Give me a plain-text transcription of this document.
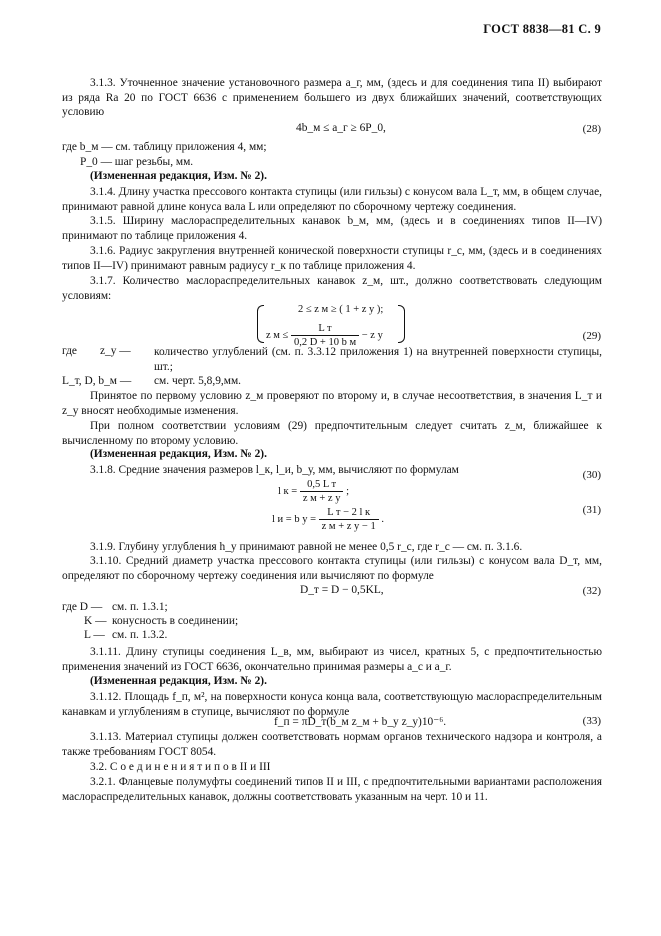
ГОСТ 8838—81 С. 9
3.1.3. Уточненное значение установочного размера a_г, мм, (здесь и для соединения типа II) выбирают из ряда Ra 20 по ГОСТ 6636 с применением большего из двух ближайших значений, соответствующих условию
4b_м ≤ a_г ≥ 6P_0,	(28)
где b_м — см. таблицу приложения 4, мм;
P_0 — шаг резьбы, мм.
(Измененная редакция, Изм. № 2).
3.1.4. Длину участка прессового контакта ступицы (или гильзы) с конусом вала L_т, мм, в общем случае, принимают равной длине конуса вала L или определяют по сборочному чертежу соединения.
3.1.5. Ширину маслораспределительных канавок b_м, мм, (здесь и в соединениях типов II—IV) принимают по таблице приложения 4.
3.1.6. Радиус закругления внутренней конической поверхности ступицы r_с, мм, (здесь и в соединениях типов II—IV) принимают равным радиусу r_к по таблице приложения 4.
3.1.7. Количество маслораспределительных канавок z_м, шт., должно соответствовать следующим условиям:
2 ≤ z м ≥ ( 1 + z у );
z $м \le \frac{\text{L т}}{\text{0,2 D + 10 b м}} - z$ у	(29)
где z_у — количество углублений (см. п. 3.3.12 приложения 1) на внутренней поверхности ступицы, шт.;
L_т, D, b_м — см. черт. 5,8,9,мм.
Принятое по первому условию z_м проверяют по второму и, в случае несоответствия, в значения L_т и z_у вносят необходимые изменения.
При полном соответствии условиям (29) предпочтительным следует считать z_м, ближайшее к вычисленному по второму условию.
(Измененная редакция, Изм. № 2).
3.1.8. Средние значения размеров l_к, l_и, b_у, мм, вычисляют по формулам
l $к = \frac{\text{0,5 L т}}{\text{z м + z у}}$ ;
(30)
l и = b $у = \frac{\text{L т − 2 l к}}{\text{z м + z у − 1}}$ .
(31)
3.1.9. Глубину углубления h_у принимают равной не менее 0,5 r_с, где r_с — см. п. 3.1.6.
3.1.10. Средний диаметр участка прессового контакта ступицы (или гильзы) с конусом вала D_т, мм, определяют по сборочному чертежу соединения или вычисляют по формуле
D_т = D − 0,5KL,	(32)
где D — см. п. 1.3.1;
K — конусность в соединении;
L — см. п. 1.3.2.
3.1.11. Длину ступицы соединения L_в, мм, выбирают из чисел, кратных 5, с предпочтительностью применения значений из ГОСТ 6636, окончательно принимая размеры a_с и a_г.
(Измененная редакция, Изм. № 2).
3.1.12. Площадь f_п, м², на поверхности конуса конца вала, соответствующую маслораспределительным канавкам и углублениям в ступице, вычисляют по формуле
f_п = πD_т(b_м z_м + b_у z_у)10⁻⁶.	(33)
3.1.13. Материал ступицы должен соответствовать нормам органов технического надзора и контроля, а также требованиям ГОСТ 8054.
3.2. С о е д и н е н и я т и п о в II и III
3.2.1. Фланцевые полумуфты соединений типов II и III, с предпочтительными вариантами расположения маслораспределительных канавок, должны соответствовать указанным на черт. 10 и 11.
